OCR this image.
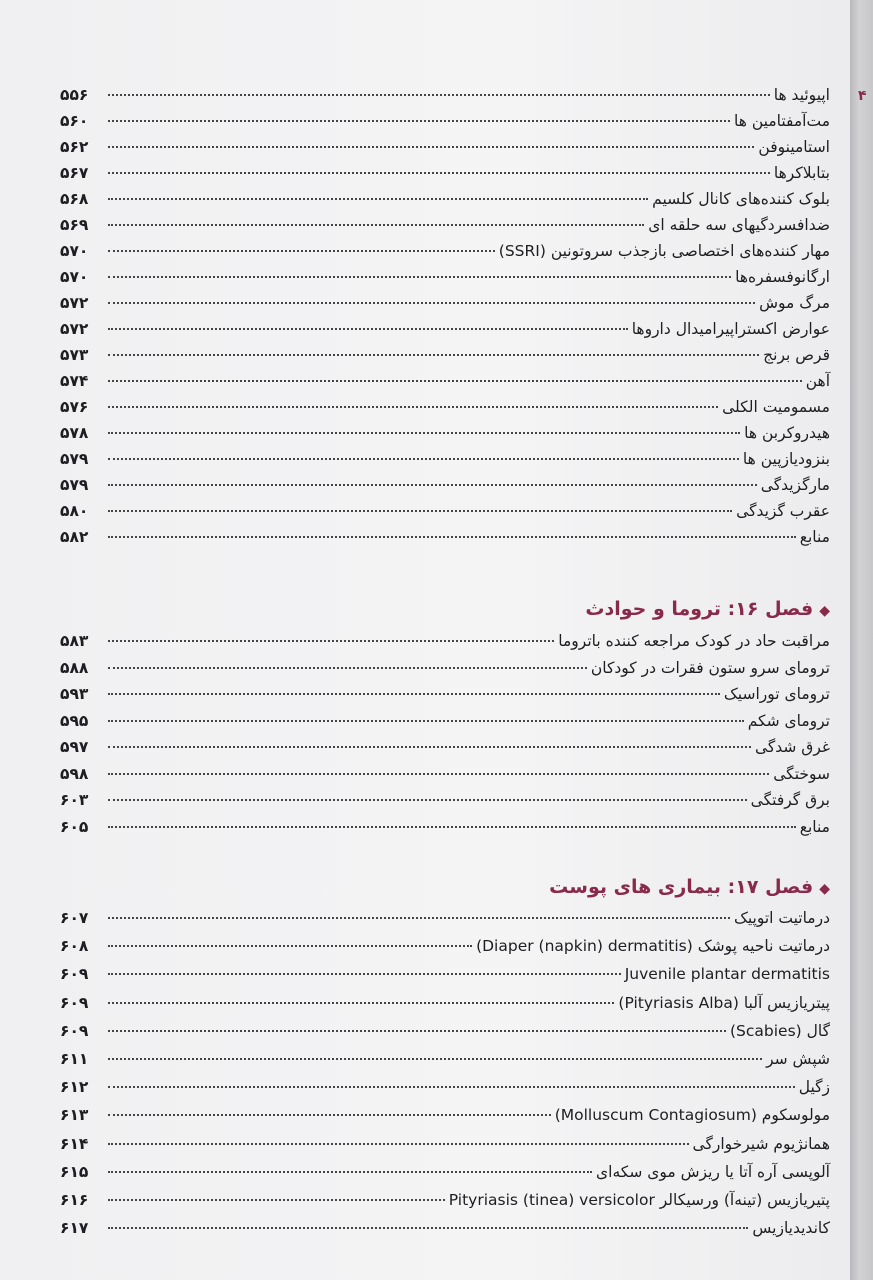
۴
اپیوئید ها
۵۵۶
مت‌آمفتامین ها
۵۶۰
استامینوفن
۵۶۲
بتابلاکرها
۵۶۷
بلوک کننده‌های کانال کلسیم
۵۶۸
ضدافسردگیهای سه حلقه ای
۵۶۹
مهار کننده‌های اختصاصی بازجذب سروتونین (SSRI)
۵۷۰
ارگانوفسفره‌ها
۵۷۰
مرگ موش
۵۷۲
عوارض اکستراپیرامیدال داروها
۵۷۲
قرص برنج
۵۷۳
آهن
۵۷۴
مسمومیت الکلی
۵۷۶
هیدروکربن ها
۵۷۸
بنزودیازپین ها
۵۷۹
مارگزیدگی
۵۷۹
عقرب گزیدگی
۵۸۰
منابع
۵۸۲
◆فصل ۱۶: تروما و حوادث
مراقبت حاد در کودک مراجعه کننده باتروما
۵۸۳
ترومای سرو ستون فقرات در کودکان
۵۸۸
ترومای توراسیک
۵۹۳
ترومای شکم
۵۹۵
غرق شدگی
۵۹۷
سوختگی
۵۹۸
برق گرفتگی
۶۰۳
منابع
۶۰۵
◆فصل ۱۷: بیماری های پوست
درماتیت اتوپیک
۶۰۷
درماتیت ناحیه پوشک (Diaper (napkin) dermatitis)
۶۰۸
Juvenile plantar dermatitis
۶۰۹
پیتریازیس آلبا (Pityriasis Alba)
۶۰۹
گال (Scabies)
۶۰۹
شپش سر
۶۱۱
زگیل
۶۱۲
مولوسکوم (Molluscum Contagiosum)
۶۱۳
همانژیوم شیرخوارگی
۶۱۴
آلوپسی آره آتا یا ریزش موی سکه‌ای
۶۱۵
پتیریازیس (تینه‌آ) ورسیکالر Pityriasis (tinea) versicolor
۶۱۶
کاندیدیازیس
۶۱۷
